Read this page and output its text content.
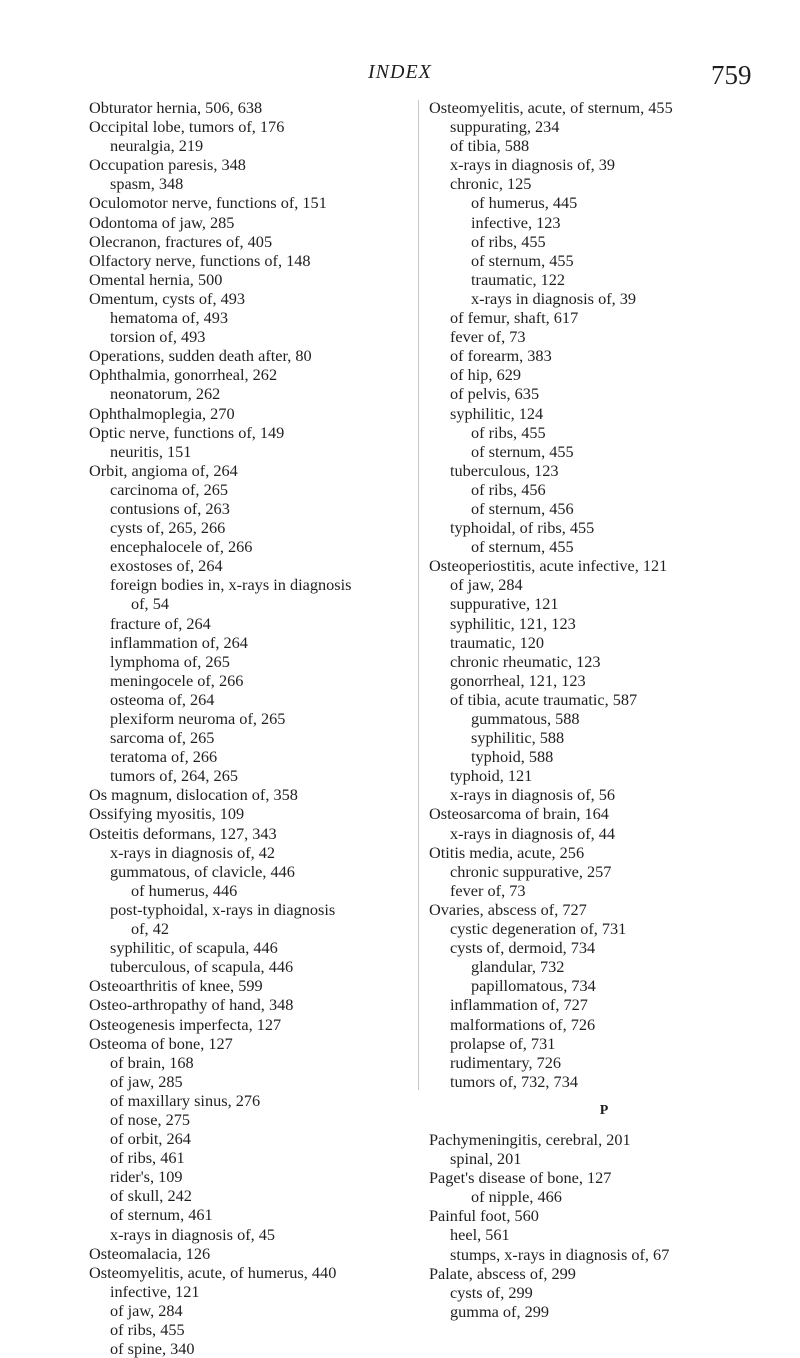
INDEX	759
Obturator hernia, 506, 638
Occipital lobe, tumors of, 176
neuralgia, 219
Occupation paresis, 348
spasm, 348
Oculomotor nerve, functions of, 151
Odontoma of jaw, 285
Olecranon, fractures of, 405
Olfactory nerve, functions of, 148
Omental hernia, 500
Omentum, cysts of, 493
hematoma of, 493
torsion of, 493
Operations, sudden death after, 80
Ophthalmia, gonorrheal, 262
neonatorum, 262
Ophthalmoplegia, 270
Optic nerve, functions of, 149
neuritis, 151
Orbit, angioma of, 264
carcinoma of, 265
contusions of, 263
cysts of, 265, 266
encephalocele of, 266
exostoses of, 264
foreign bodies in, x-rays in diagnosis
of, 54
fracture of, 264
inflammation of, 264
lymphoma of, 265
meningocele of, 266
osteoma of, 264
plexiform neuroma of, 265
sarcoma of, 265
teratoma of, 266
tumors of, 264, 265
Os magnum, dislocation of, 358
Ossifying myositis, 109
Osteitis deformans, 127, 343
x-rays in diagnosis of, 42
gummatous, of clavicle, 446
of humerus, 446
post-typhoidal, x-rays in diagnosis
of, 42
syphilitic, of scapula, 446
tuberculous, of scapula, 446
Osteoarthritis of knee, 599
Osteo-arthropathy of hand, 348
Osteogenesis imperfecta, 127
Osteoma of bone, 127
of brain, 168
of jaw, 285
of maxillary sinus, 276
of nose, 275
of orbit, 264
of ribs, 461
rider's, 109
of skull, 242
of sternum, 461
x-rays in diagnosis of, 45
Osteomalacia, 126
Osteomyelitis, acute, of humerus, 440
infective, 121
of jaw, 284
of ribs, 455
of spine, 340
Osteomyelitis, acute, of sternum, 455
suppurating, 234
of tibia, 588
x-rays in diagnosis of, 39
chronic, 125
of humerus, 445
infective, 123
of ribs, 455
of sternum, 455
traumatic, 122
x-rays in diagnosis of, 39
of femur, shaft, 617
fever of, 73
of forearm, 383
of hip, 629
of pelvis, 635
syphilitic, 124
of ribs, 455
of sternum, 455
tuberculous, 123
of ribs, 456
of sternum, 456
typhoidal, of ribs, 455
of sternum, 455
Osteoperiostitis, acute infective, 121
of jaw, 284
suppurative, 121
syphilitic, 121, 123
traumatic, 120
chronic rheumatic, 123
gonorrheal, 121, 123
of tibia, acute traumatic, 587
gummatous, 588
syphilitic, 588
typhoid, 588
typhoid, 121
x-rays in diagnosis of, 56
Osteosarcoma of brain, 164
x-rays in diagnosis of, 44
Otitis media, acute, 256
chronic suppurative, 257
fever of, 73
Ovaries, abscess of, 727
cystic degeneration of, 731
cysts of, dermoid, 734
glandular, 732
papillomatous, 734
inflammation of, 727
malformations of, 726
prolapse of, 731
rudimentary, 726
tumors of, 732, 734
P
Pachymeningitis, cerebral, 201
spinal, 201
Paget's disease of bone, 127
of nipple, 466
Painful foot, 560
heel, 561
stumps, x-rays in diagnosis of, 67
Palate, abscess of, 299
cysts of, 299
gumma of, 299
